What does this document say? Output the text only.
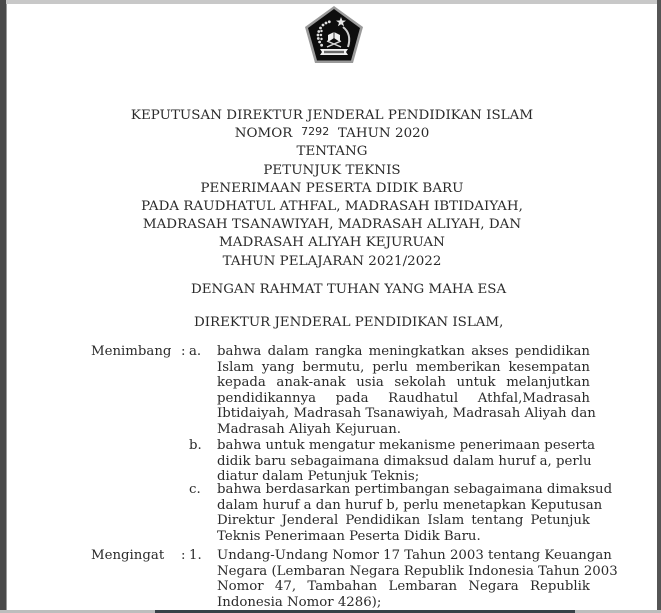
KEPUTUSAN DIREKTUR JENDERAL PENDIDIKAN ISLAM
NOMOR 7292 TAHUN 2020
TENTANG
PETUNJUK TEKNIS
PENERIMAAN PESERTA DIDIK BARU
PADA RAUDHATUL ATHFAL, MADRASAH IBTIDAIYAH,
MADRASAH TSANAWIYAH, MADRASAH ALIYAH, DAN
MADRASAH ALIYAH KEJURUAN
TAHUN PELAJARAN 2021/2022
DENGAN RAHMAT TUHAN YANG MAHA ESA
DIREKTUR JENDERAL PENDIDIKAN ISLAM,
Menimbang : a. bahwa dalam rangka meningkatkan akses pendidikan
Islam yang bermutu, perlu memberikan kesempatan
kepada anak-anak usia sekolah untuk melanjutkan
pendidikannya pada Raudhatul Athfal,Madrasah
Ibtidaiyah, Madrasah Tsanawiyah, Madrasah Aliyah dan
Madrasah Aliyah Kejuruan.
b. bahwa untuk mengatur mekanisme penerimaan peserta
didik baru sebagaimana dimaksud dalam huruf a, perlu
diatur dalam Petunjuk Teknis;
c. bahwa berdasarkan pertimbangan sebagaimana dimaksud
dalam huruf a dan huruf b, perlu menetapkan Keputusan
Direktur Jenderal Pendidikan Islam tentang Petunjuk
Teknis Penerimaan Peserta Didik Baru.
Mengingat : 1. Undang-Undang Nomor 17 Tahun 2003 tentang Keuangan
Negara (Lembaran Negara Republik Indonesia Tahun 2003
Nomor 47, Tambahan Lembaran Negara Republik
Indonesia Nomor 4286);
